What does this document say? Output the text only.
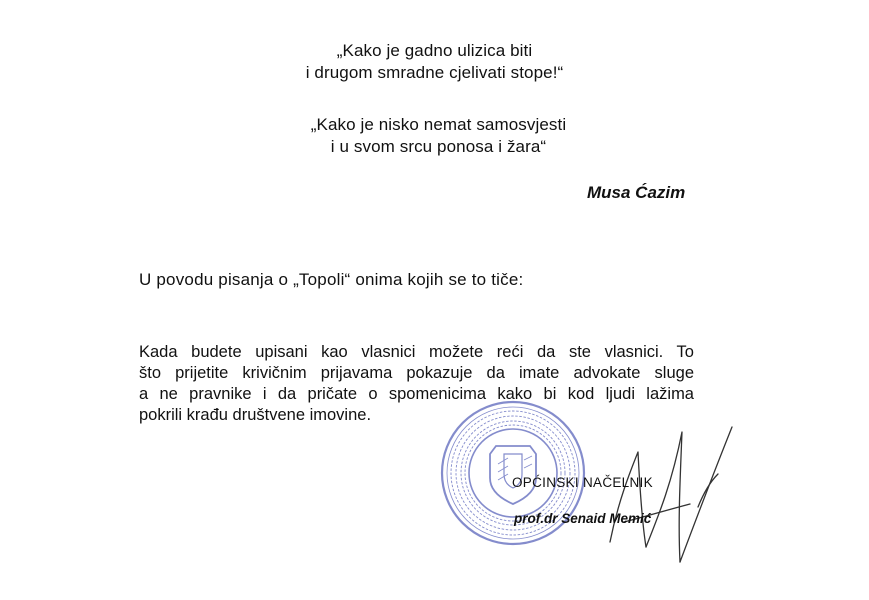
„Kako je gadno ulizica biti
i drugom smradne cjelivati stope!“
„Kako je nisko nemat samosvjesti
i u svom srcu ponosa i žara“
Musa Ćazim
U povodu pisanja o „Topoli“ onima kojih se to tiče:
Kada budete upisani kao vlasnici možete reći da ste vlasnici. To
što prijetite krivičnim prijavama pokazuje da imate advokate sluge
a ne pravnike i da pričate o spomenicima kako bi kod ljudi lažima
pokrili krađu društvene imovine.
OPĆINSKI NAČELNIK
prof.dr Senaid Memić
